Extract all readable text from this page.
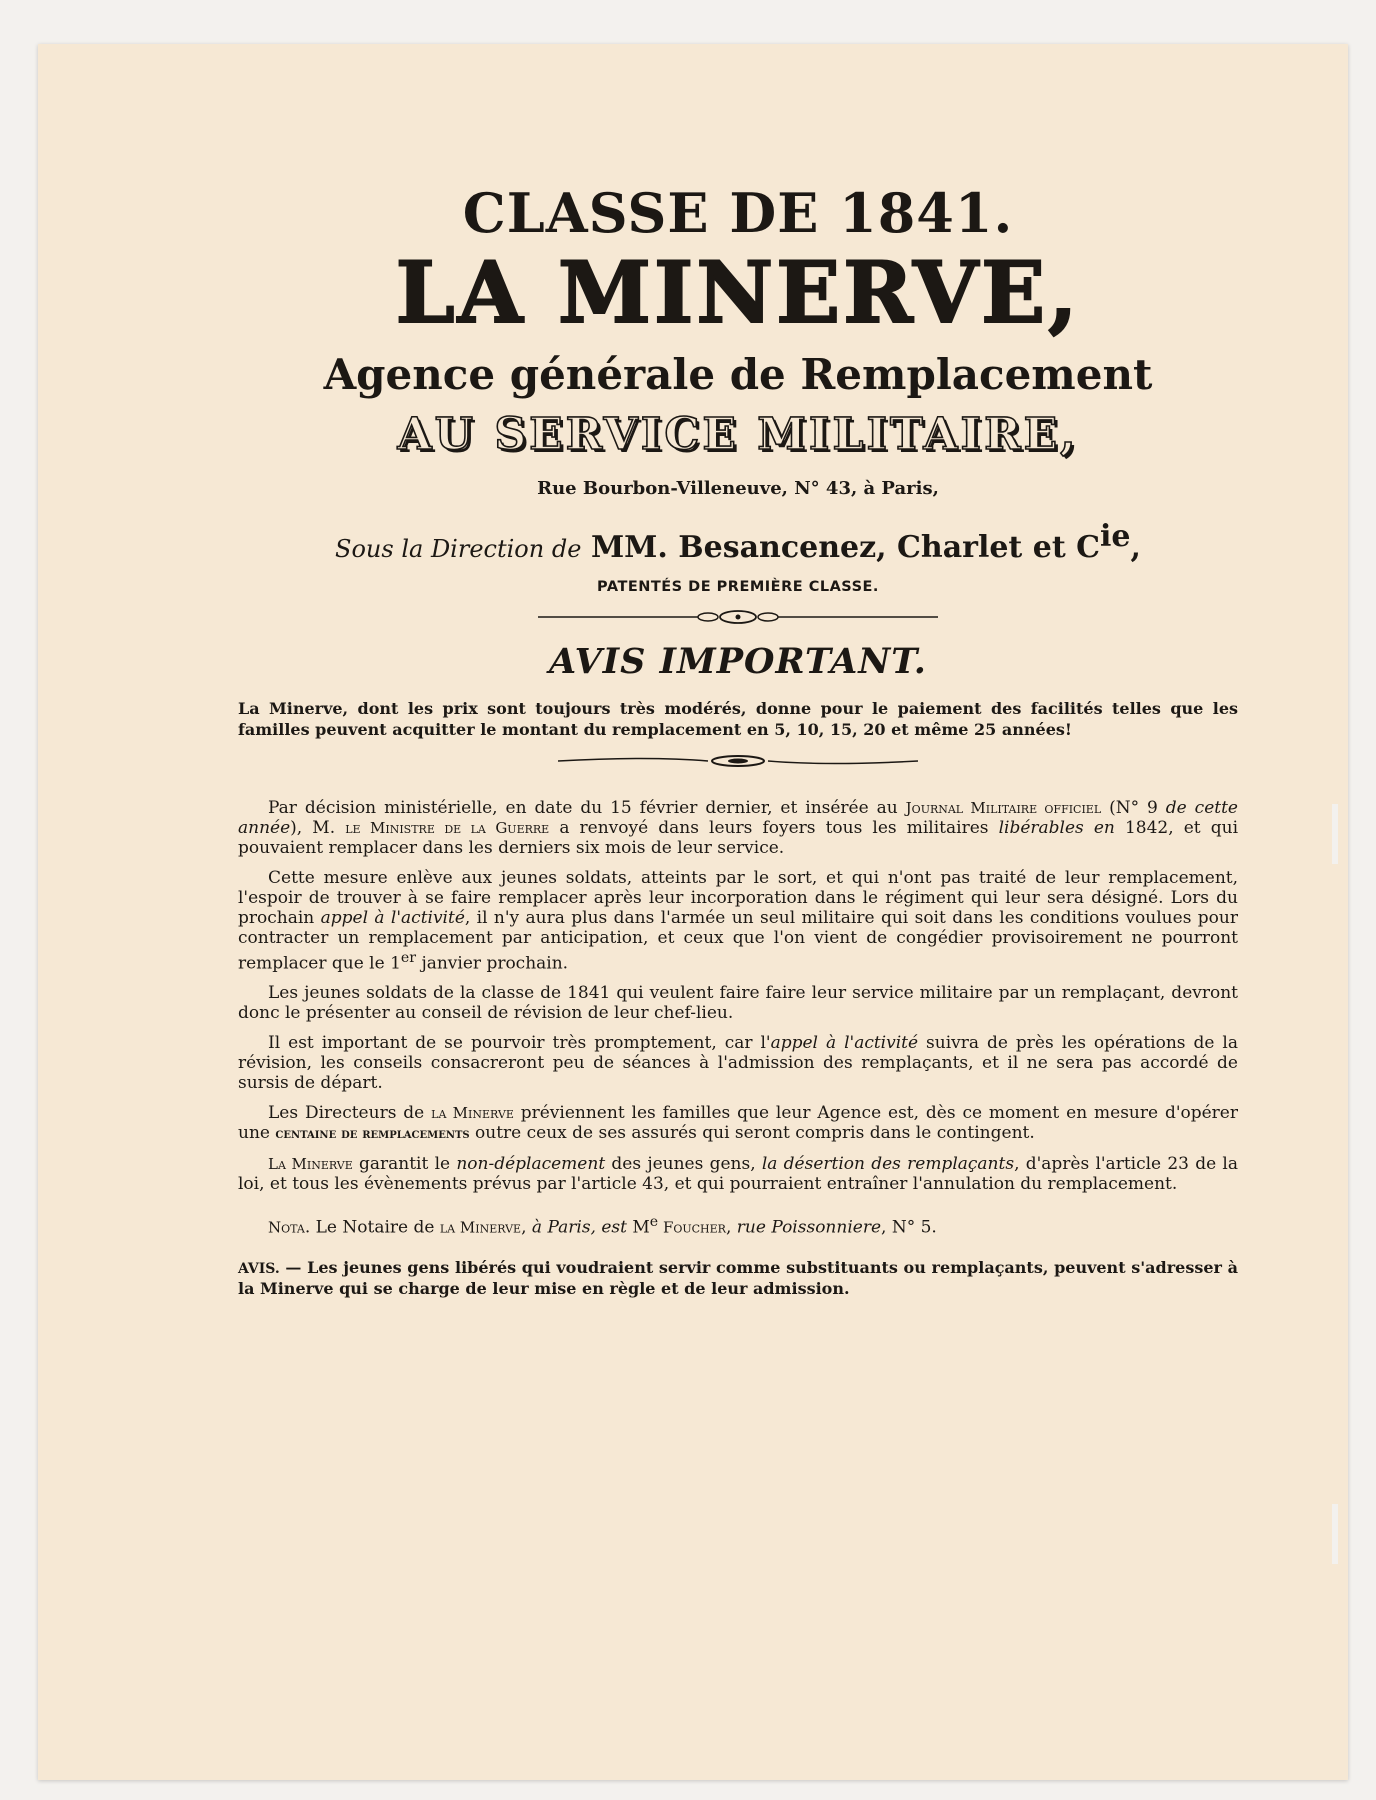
CLASSE DE 1841.
LA MINERVE,
Agence générale de Remplacement
AU SERVICE MILITAIRE,
Rue Bourbon-Villeneuve, N° 43, à Paris,
Sous la Direction de MM. Besancenez, Charlet et $C^{ie}$,
PATENTÉS DE PREMIÈRE CLASSE.
AVIS IMPORTANT.
La Minerve, dont les prix sont toujours très modérés, donne pour le paiement des facilités telles que les familles peuvent acquitter le montant du remplacement en 5, 10, 15, 20 et même 25 années!

Par décision ministérielle, en date du 15 février dernier, et insérée au Journal Militaire officiel (N° 9 de cette année), M. le Ministre de la Guerre a renvoyé dans leurs foyers tous les militaires libérables en 1842, et qui pouvaient remplacer dans les derniers six mois de leur service.

Cette mesure enlève aux jeunes soldats, atteints par le sort, et qui n'ont pas traité de leur remplacement, l'espoir de trouver à se faire remplacer après leur incorporation dans le régiment qui leur sera désigné. Lors du prochain appel à l'activité, il n'y aura plus dans l'armée un seul militaire qui soit dans les conditions voulues pour contracter un remplacement par anticipation, et ceux que l'on vient de congédier provisoirement ne pourront remplacer que le 1er janvier prochain.

Les jeunes soldats de la classe de 1841 qui veulent faire faire leur service militaire par un remplaçant, devront donc le présenter au conseil de révision de leur chef-lieu.

Il est important de se pourvoir très promptement, car l'appel à l'activité suivra de près les opérations de la révision, les conseils consacreront peu de séances à l'admission des remplaçants, et il ne sera pas accordé de sursis de départ.

Les Directeurs de la Minerve préviennent les familles que leur Agence est, dès ce moment en mesure d'opérer une centaine de remplacements outre ceux de ses assurés qui seront compris dans le contingent.

La Minerve garantit le non-déplacement des jeunes gens, la désertion des remplaçants, d'après l'article 23 de la loi, et tous les évènements prévus par l'article 43, et qui pourraient entraîner l'annulation du remplacement.

Nota. Le Notaire de la Minerve, à Paris, est Me Foucher, rue Poissonniere, N° 5.
AVIS. — Les jeunes gens libérés qui voudraient servir comme substituants ou remplaçants, peuvent s'adresser à la Minerve qui se charge de leur mise en règle et de leur admission.
